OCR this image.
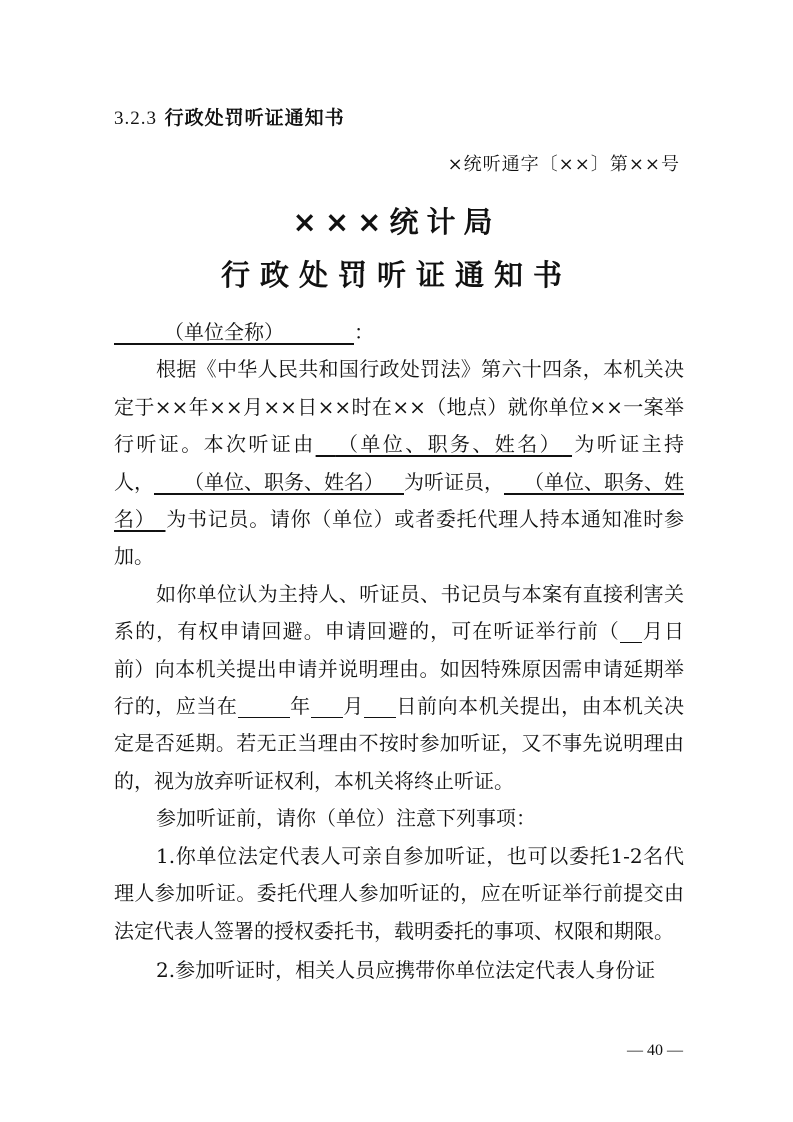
3.2.3 行政处罚听证通知书
×统听通字〔××〕第××号
×××统计局
行政处罚听证通知书

   （单位全称）    	：

根据《中华人民共和国行政处罚法》第六十四条，本机关决定于××年××月××日××时在××（地点）就你单位××一案举行听证。本次听证由   （单位、职务、姓名）  为听证主持人，   （单位、职务、姓名）  为听证员，   （单位、职务、姓名）  为书记员。请你（单位）或者委托代理人持本通知准时参加。

如你单位认为主持人、听证员、书记员与本案有直接利害关系的，有权申请回避。申请回避的，可在听证举行前（ 月日前）向本机关提出申请并说明理由。如因特殊原因需申请延期举行的，应当在	年 月 日前向本机关提出，由本机关决定是否延期。若无正当理由不按时参加听证，又不事先说明理由的，视为放弃听证权利，本机关将终止听证。

参加听证前，请你（单位）注意下列事项：

1.你单位法定代表人可亲自参加听证，也可以委托1-2名代理人参加听证。委托代理人参加听证的，应在听证举行前提交由法定代表人签署的授权委托书，载明委托的事项、权限和期限。

2.参加听证时，相关人员应携带你单位法定代表人身份证

— 40 —
